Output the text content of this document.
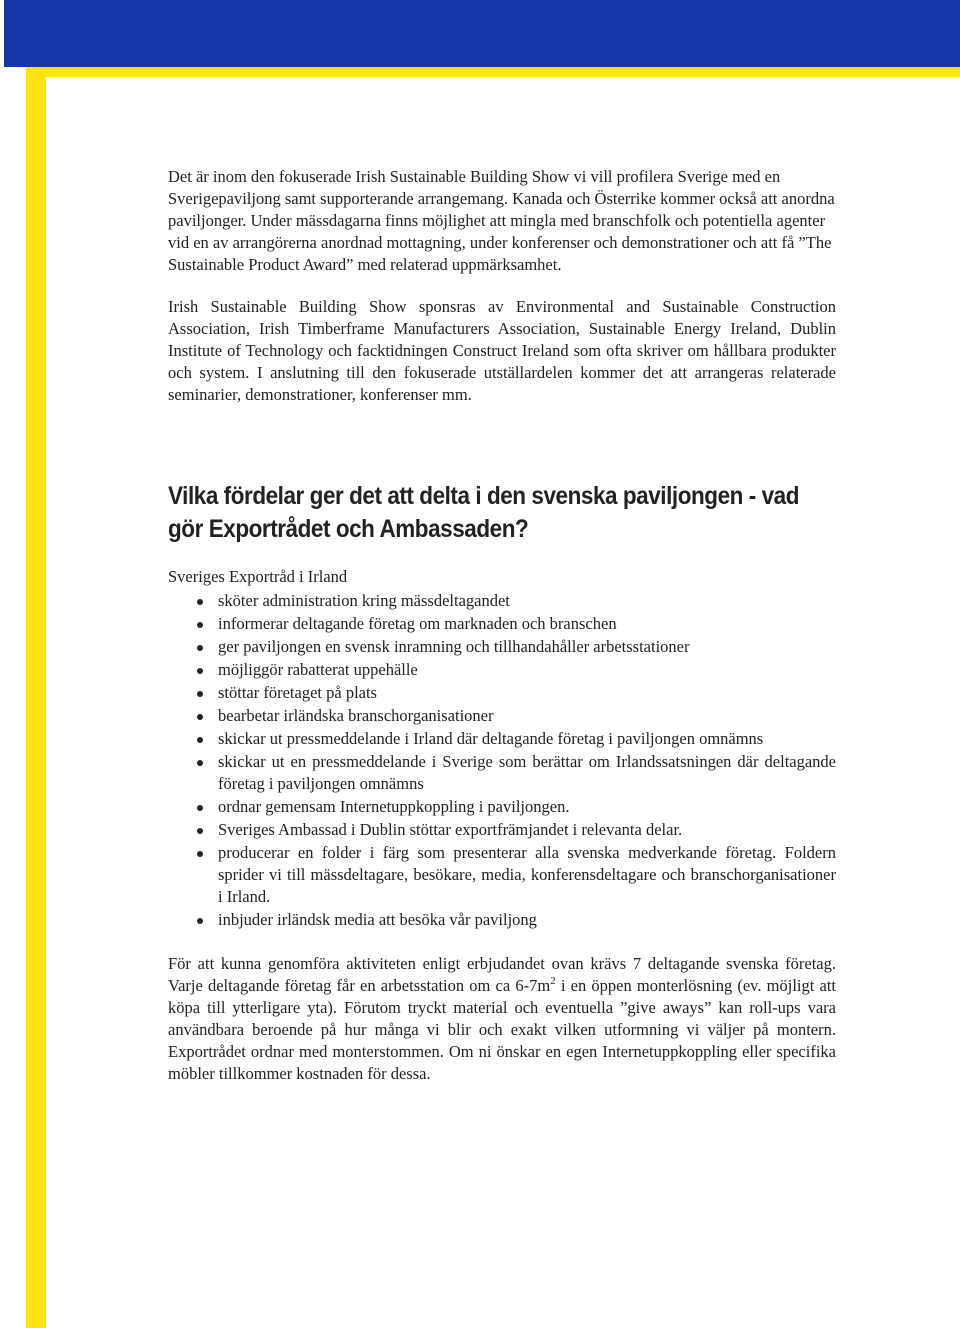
Det är inom den fokuserade Irish Sustainable Building Show vi vill profilera Sverige med en Sverigepaviljong samt supporterande arrangemang. Kanada och Österrike kommer också att anordna paviljonger. Under mässdagarna finns möjlighet att mingla med branschfolk och potentiella agenter vid en av arrangörerna anordnad mottagning, under konferenser och demonstrationer och att få ”The Sustainable Product Award” med relaterad uppmärksamhet.

Irish Sustainable Building Show sponsras av Environmental and Sustainable Construction Association, Irish Timberframe Manufacturers Association, Sustainable Energy Ireland, Dublin Institute of Technology och facktidningen Construct Ireland som ofta skriver om hållbara produkter och system. I anslutning till den fokuserade utställardelen kommer det att arrangeras relaterade seminarier, demonstrationer, konferenser mm.

Vilka fördelar ger det att delta i den svenska paviljongen - vad gör Exportrådet och Ambassaden?

Sveriges Exportråd i Irland

sköter administration kring mässdeltagandet
informerar deltagande företag om marknaden och branschen
ger paviljongen en svensk inramning och tillhandahåller arbetsstationer
möjliggör rabatterat uppehälle
stöttar företaget på plats
bearbetar irländska branschorganisationer
skickar ut pressmeddelande i Irland där deltagande företag i paviljongen omnämns
skickar ut en pressmeddelande i Sverige som berättar om Irlandssatsningen där deltagande företag i paviljongen omnämns
ordnar gemensam Internetuppkoppling i paviljongen.
Sveriges Ambassad i Dublin stöttar exportfrämjandet i relevanta delar.
producerar en folder i färg som presenterar alla svenska medverkande företag. Foldern sprider vi till mässdeltagare, besökare, media, konferensdeltagare och branschorganisationer i Irland.
inbjuder irländsk media att besöka vår paviljong

För att kunna genomföra aktiviteten enligt erbjudandet ovan krävs 7 deltagande svenska företag. Varje deltagande företag får en arbetsstation om ca $6-7m^2$ i en öppen monterlösning (ev. möjligt att köpa till ytterligare yta). Förutom tryckt material och eventuella ”give aways” kan roll-ups vara användbara beroende på hur många vi blir och exakt vilken utformning vi väljer på montern. Exportrådet ordnar med monterstommen. Om ni önskar en egen Internetuppkoppling eller specifika möbler tillkommer kostnaden för dessa.
